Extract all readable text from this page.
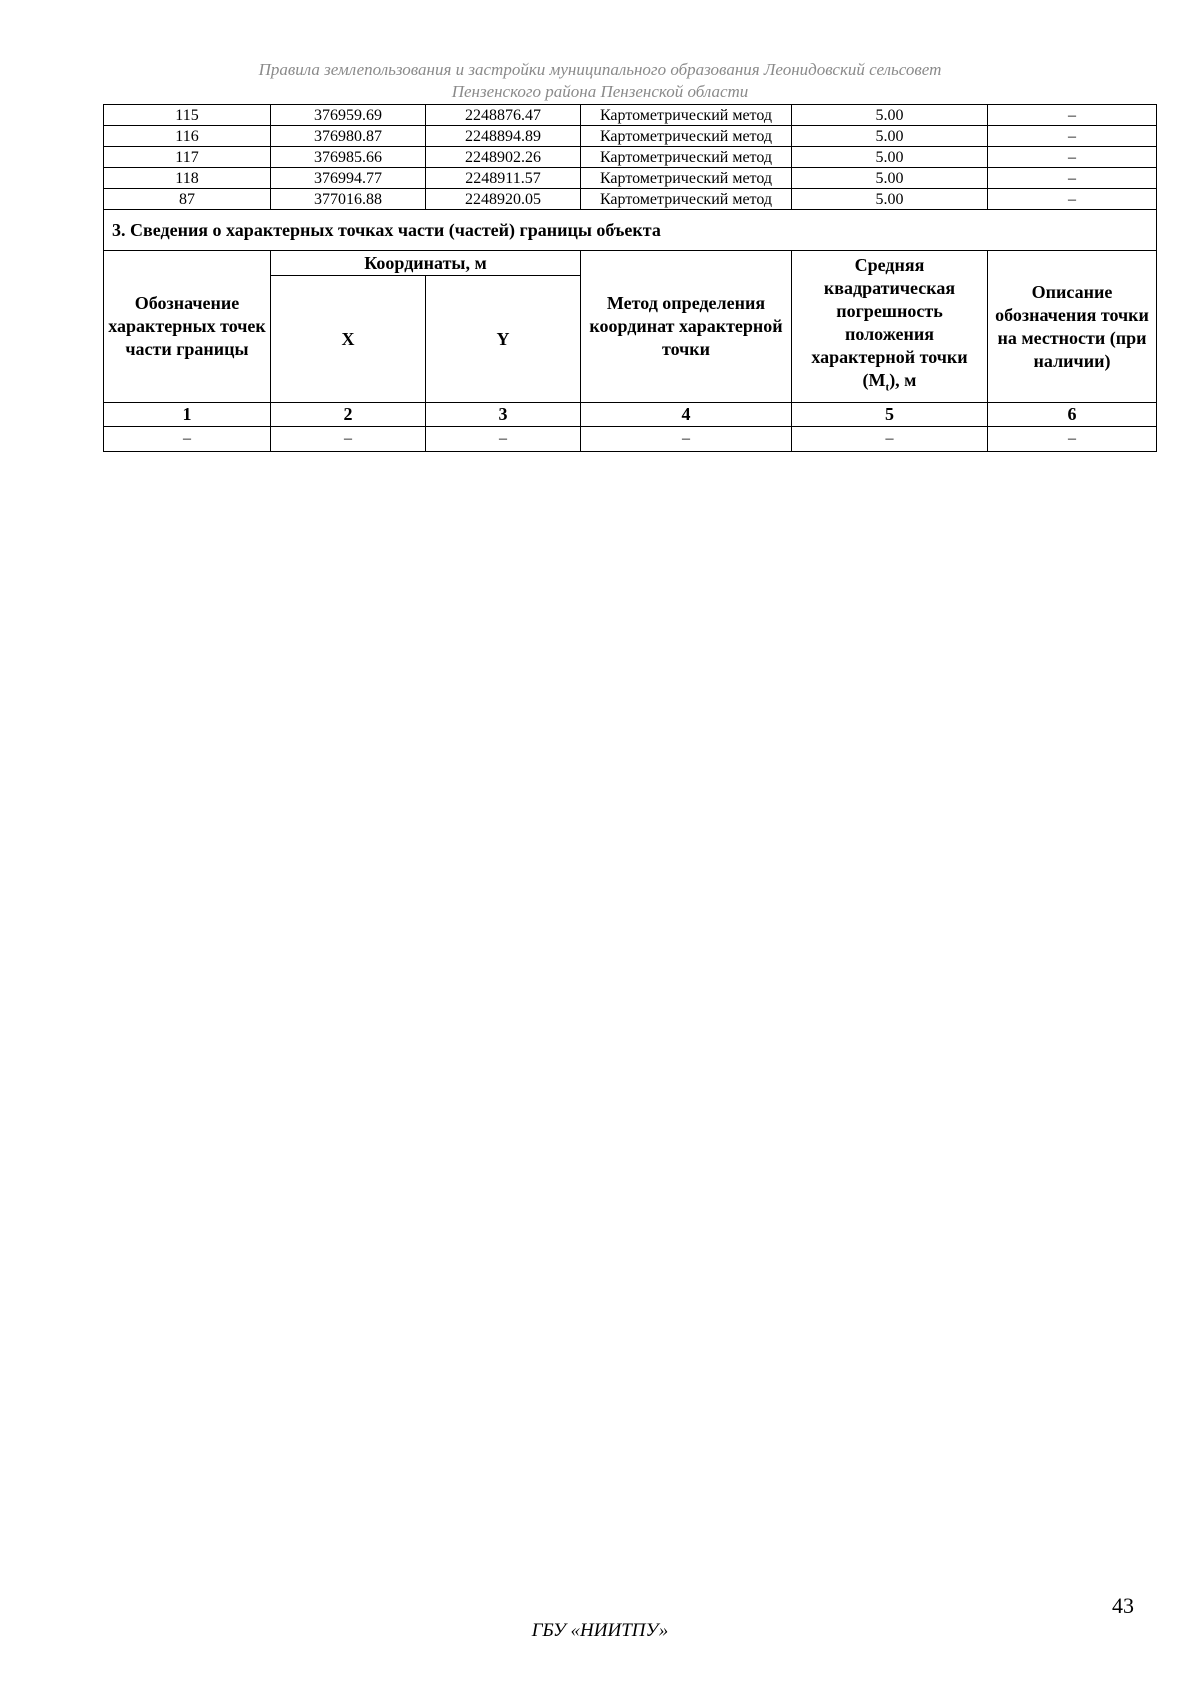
Правила землепользования и застройки муниципального образования Леонидовский сельсовет
Пензенского района Пензенской области
115	376959.69	2248876.47	Картометрический метод	5.00	–
116	376980.87	2248894.89	Картометрический метод	5.00	–
117	376985.66	2248902.26	Картометрический метод	5.00	–
118	376994.77	2248911.57	Картометрический метод	5.00	–
87	377016.88	2248920.05	Картометрический метод	5.00	–
3. Сведения о характерных точках части (частей) границы объекта					
Обозначение характерных точек части границы	Координаты, м		Метод определения координат характерной точки	Средняя квадратическая погрешность положения характерной точки $(M_t)$, м	Описание обозначения точки на местности (при наличии)
	X	Y			
1	2	3	4	5	6
–	–	–	–	–	–
43
ГБУ «НИИТПУ»
